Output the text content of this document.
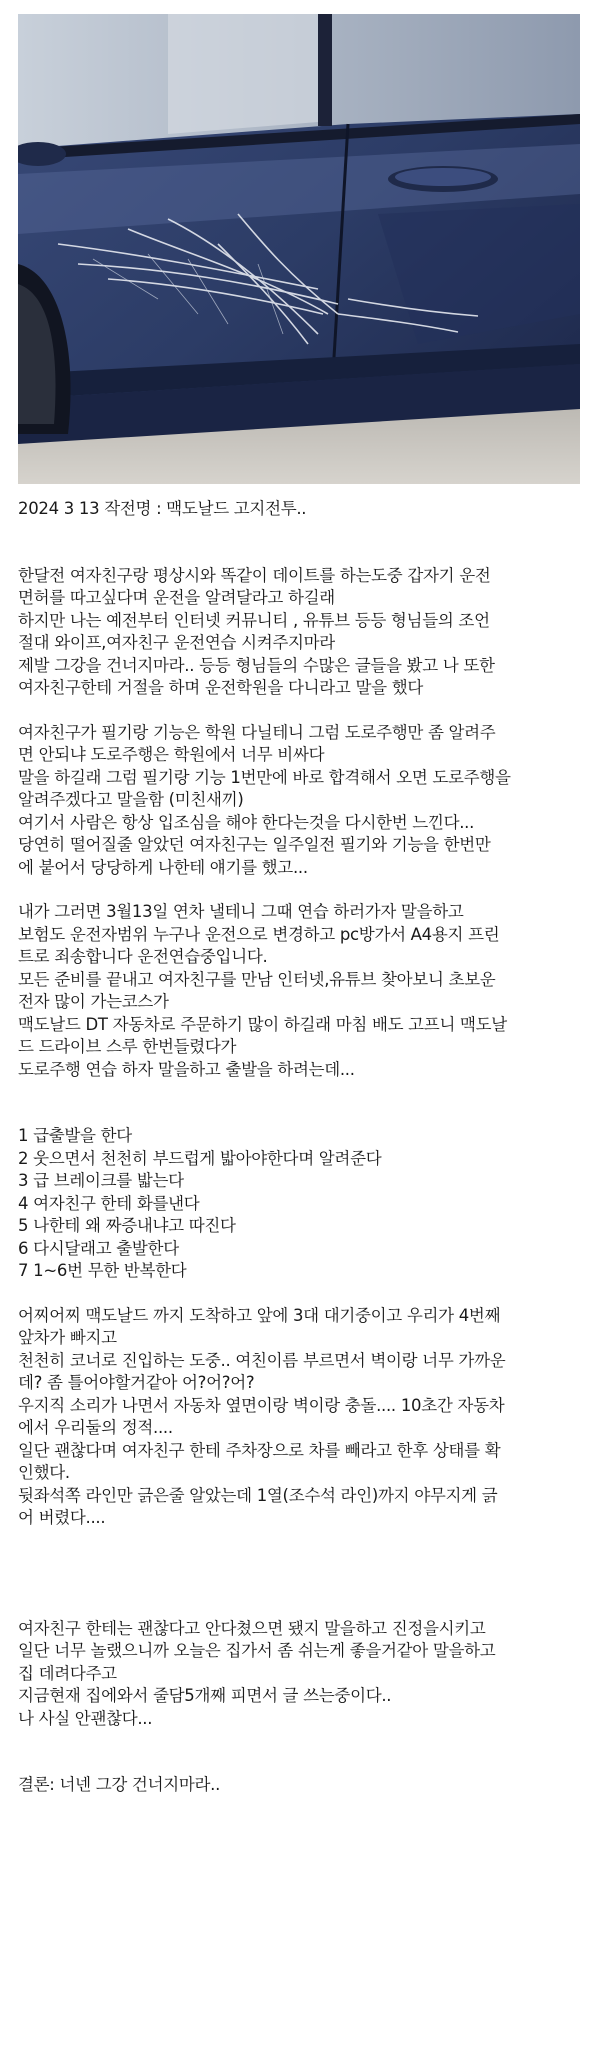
2024 3 13 작전명 : 맥도날드 고지전투..

한달전 여자친구랑 평상시와 똑같이 데이트를 하는도중 갑자기 운전
면허를 따고싶다며 운전을 알려달라고 하길래
하지만 나는 예전부터 인터넷 커뮤니티 , 유튜브 등등 형님들의 조언
절대 와이프,여자친구 운전연습 시켜주지마라
제발 그강을 건너지마라.. 등등 형님들의 수많은 글들을 봤고 나 또한
여자친구한테 거절을 하며 운전학원을 다니라고 말을 했다

여자친구가 필기랑 기능은 학원 다닐테니 그럼 도로주행만 좀 알려주
면 안되냐 도로주행은 학원에서 너무 비싸다
말을 하길래 그럼 필기랑 기능 1번만에 바로 합격해서 오면 도로주행을
알려주겠다고 말을함 (미친새끼)
여기서 사람은 항상 입조심을 해야 한다는것을 다시한번 느낀다...
당연히 떨어질줄 알았던 여자친구는 일주일전 필기와 기능을 한번만
에 붙어서 당당하게 나한테 얘기를 했고...

내가 그러면 3월13일 연차 낼테니 그때 연습 하러가자 말을하고
보험도 운전자범위 누구나 운전으로 변경하고 pc방가서 A4용지 프린
트로 죄송합니다 운전연습중입니다.
모든 준비를 끝내고 여자친구를 만남 인터넷,유튜브 찾아보니 초보운
전자 많이 가는코스가
맥도날드 DT 자동차로 주문하기 많이 하길래 마침 배도 고프니 맥도날
드 드라이브 스루 한번들렸다가
도로주행 연습 하자 말을하고 출발을 하려는데...

1 급출발을 한다
2 웃으면서 천천히 부드럽게 밟아야한다며 알려준다
3 급 브레이크를 밟는다
4 여자친구 한테 화를낸다
5 나한테 왜 짜증내냐고 따진다
6 다시달래고 출발한다
7 1~6번 무한 반복한다

어찌어찌 맥도날드 까지 도착하고 앞에 3대 대기중이고 우리가 4번째
앞차가 빠지고
천천히 코너로 진입하는 도중.. 여친이름 부르면서 벽이랑 너무 가까운
데? 좀 틀어야할거같아 어?어?어?
우지직 소리가 나면서 자동차 옆면이랑 벽이랑 충돌.... 10초간 자동차
에서 우리둘의 정적....
일단 괜찮다며 여자친구 한테 주차장으로 차를 빼라고 한후 상태를 확
인했다.
뒷좌석쪽 라인만 긁은줄 알았는데 1열(조수석 라인)까지 야무지게 긁
어 버렸다....

여자친구 한테는 괜찮다고 안다쳤으면 됐지 말을하고 진정을시키고
일단 너무 놀랬으니까 오늘은 집가서 좀 쉬는게 좋을거같아 말을하고
집 데려다주고
지금현재 집에와서 줄담5개째 피면서 글 쓰는중이다..
나 사실 안괜찮다...

결론: 너넨 그강 건너지마라..
